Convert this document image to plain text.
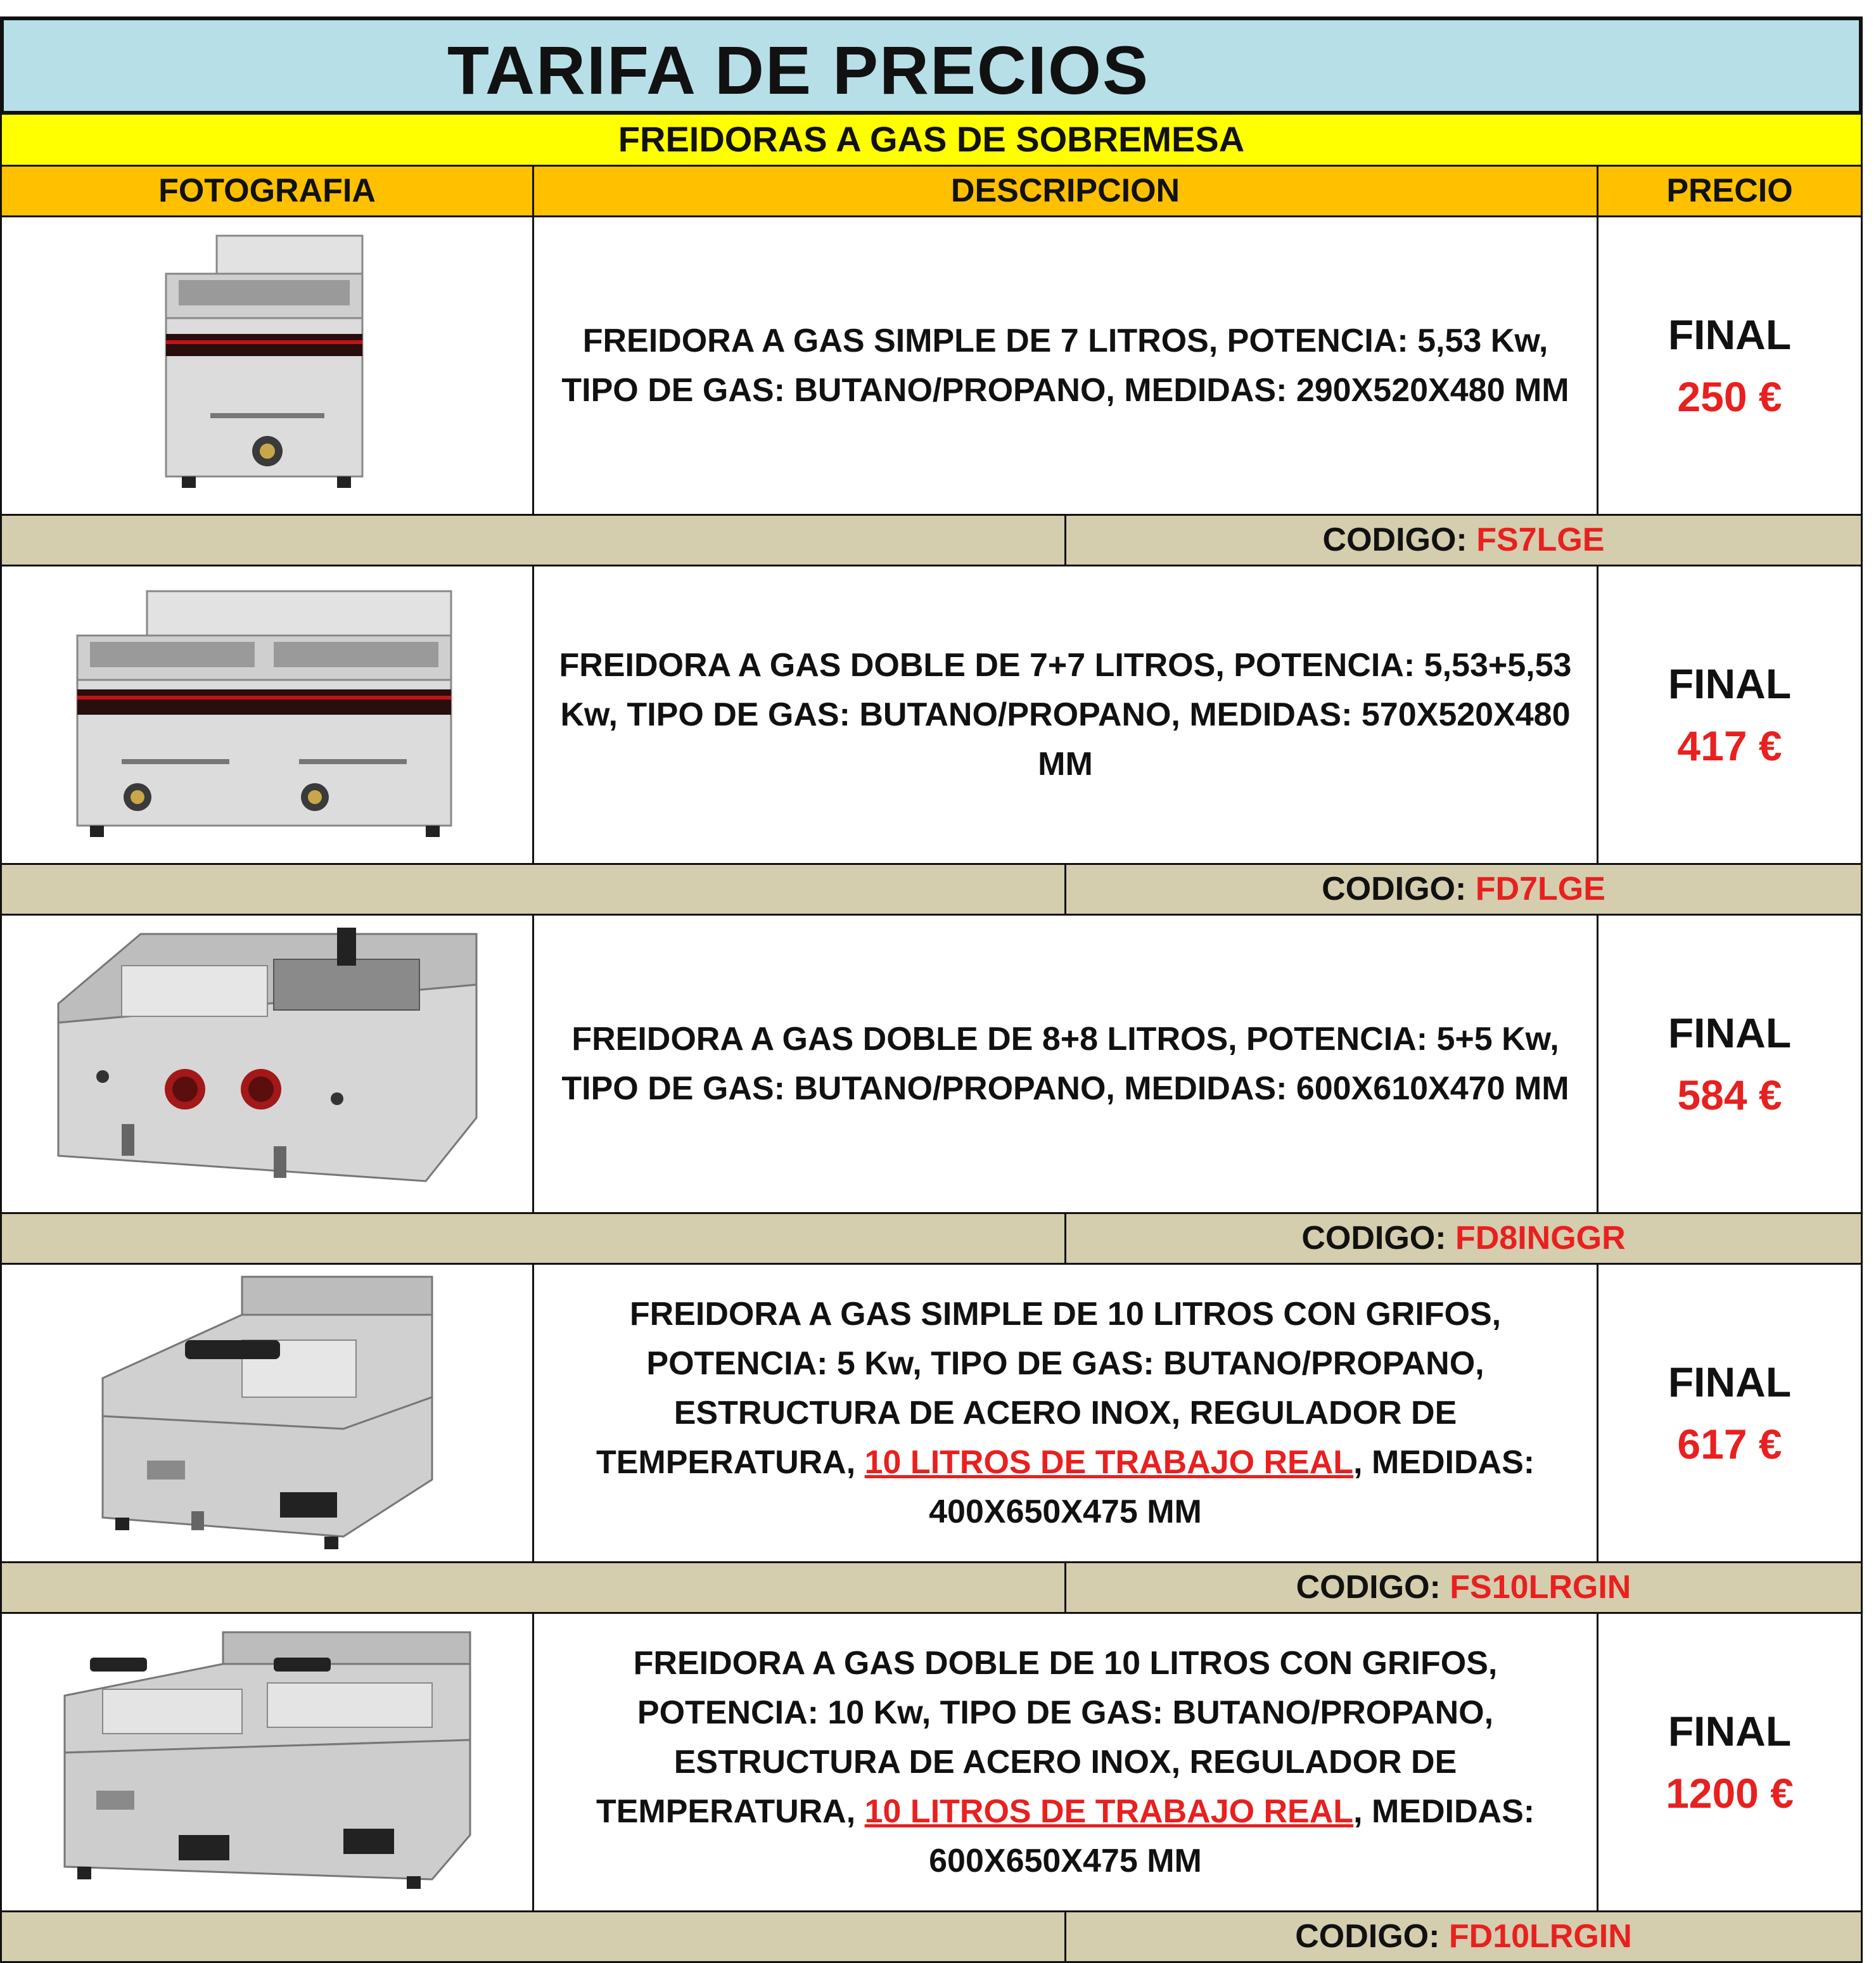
TARIFA DE PRECIOS
FREIDORAS A GAS DE SOBREMESA
FOTOGRAFIA	DESCRIPCION	PRECIO
FREIDORA A GAS SIMPLE DE 7 LITROS, POTENCIA: 5,53 Kw, TIPO DE GAS: BUTANO/PROPANO, MEDIDAS: 290X520X480 MM
FINAL
250 €
CODIGO: FS7LGE
FREIDORA A GAS DOBLE DE 7+7 LITROS, POTENCIA: 5,53+5,53 Kw, TIPO DE GAS: BUTANO/PROPANO, MEDIDAS: 570X520X480 MM
FINAL
417 €
CODIGO: FD7LGE
FREIDORA A GAS DOBLE DE 8+8 LITROS, POTENCIA: 5+5 Kw, TIPO DE GAS: BUTANO/PROPANO, MEDIDAS: 600X610X470 MM
FINAL
584 €
CODIGO: FD8INGGR
FREIDORA A GAS SIMPLE DE 10 LITROS CON GRIFOS, POTENCIA: 5 Kw, TIPO DE GAS: BUTANO/PROPANO, ESTRUCTURA DE ACERO INOX, REGULADOR DE TEMPERATURA, 10 LITROS DE TRABAJO REAL, MEDIDAS: 400X650X475 MM
FINAL
617 €
CODIGO: FS10LRGIN
FREIDORA A GAS DOBLE DE 10 LITROS CON GRIFOS, POTENCIA: 10 Kw, TIPO DE GAS: BUTANO/PROPANO, ESTRUCTURA DE ACERO INOX, REGULADOR DE TEMPERATURA, 10 LITROS DE TRABAJO REAL, MEDIDAS: 600X650X475 MM
FINAL
1200 €
CODIGO: FD10LRGIN
